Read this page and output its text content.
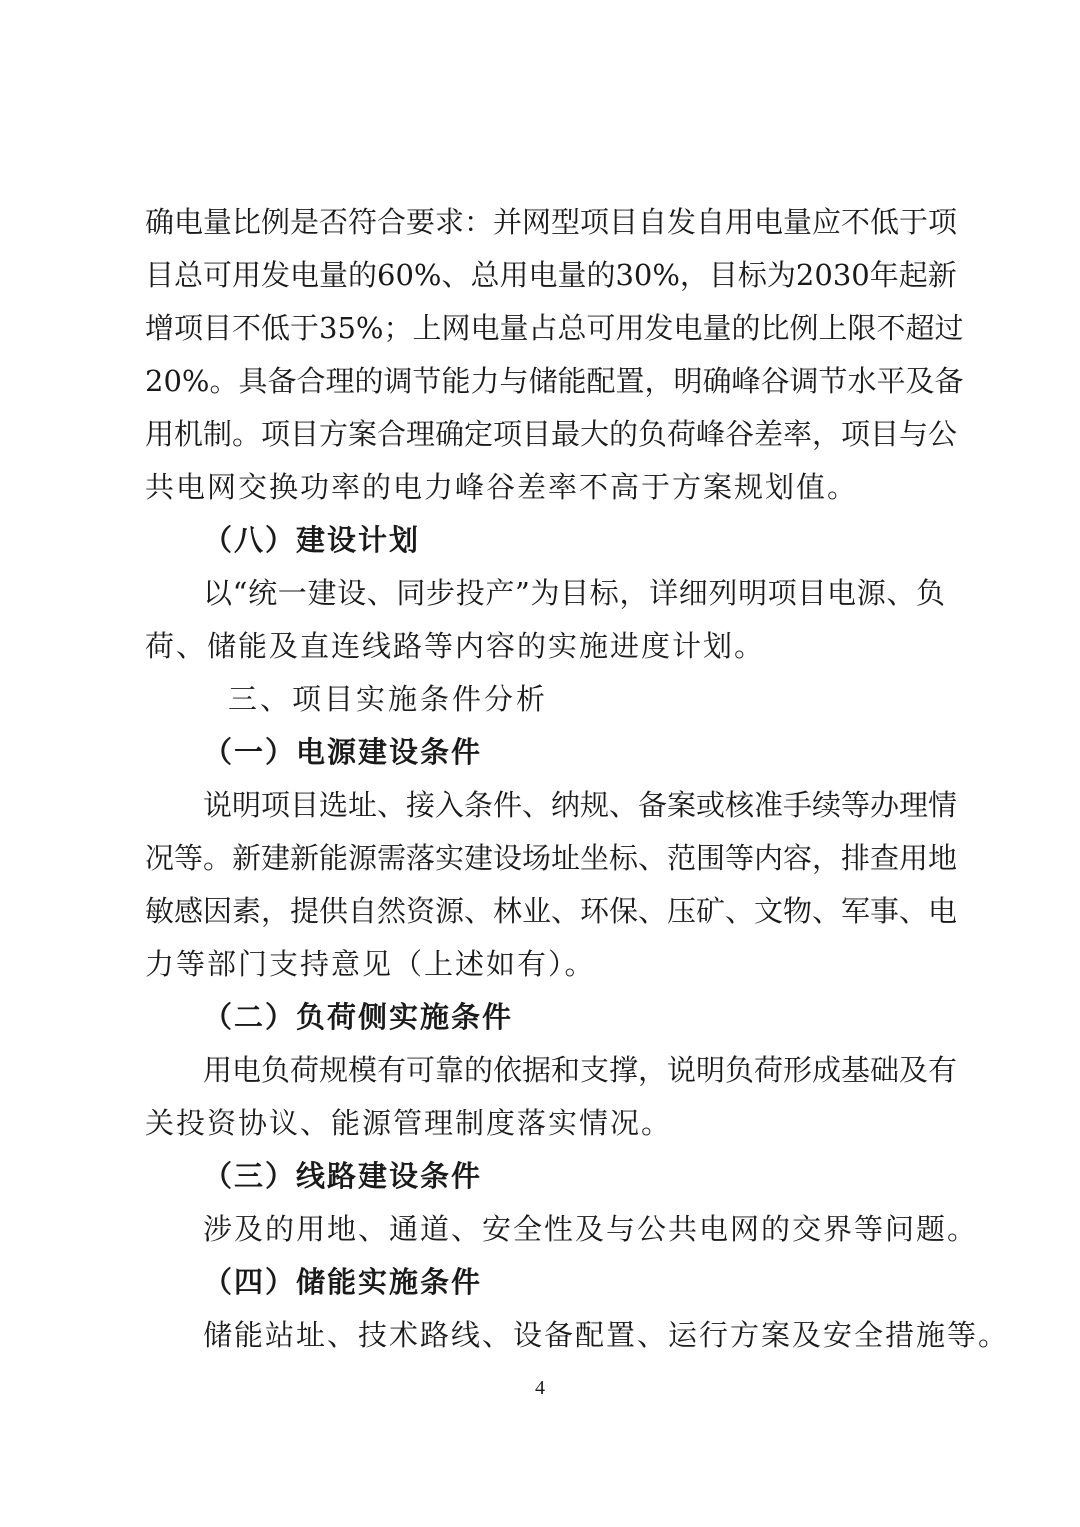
确电量比例是否符合要求：并网型项目自发自用电量应不低于项
目总可用发电量的60%、总用电量的30%，目标为2030年起新
增项目不低于35%；上网电量占总可用发电量的比例上限不超过
20%。具备合理的调节能力与储能配置，明确峰谷调节水平及备
用机制。项目方案合理确定项目最大的负荷峰谷差率，项目与公
共电网交换功率的电力峰谷差率不高于方案规划值。
（八）建设计划
以“统一建设、同步投产”为目标，详细列明项目电源、负
荷、储能及直连线路等内容的实施进度计划。
三、项目实施条件分析
（一）电源建设条件
说明项目选址、接入条件、纳规、备案或核准手续等办理情
况等。新建新能源需落实建设场址坐标、范围等内容，排查用地
敏感因素，提供自然资源、林业、环保、压矿、文物、军事、电
力等部门支持意见（上述如有）。
（二）负荷侧实施条件
用电负荷规模有可靠的依据和支撑，说明负荷形成基础及有
关投资协议、能源管理制度落实情况。
（三）线路建设条件
涉及的用地、通道、安全性及与公共电网的交界等问题。
（四）储能实施条件
储能站址、技术路线、设备配置、运行方案及安全措施等。
4
